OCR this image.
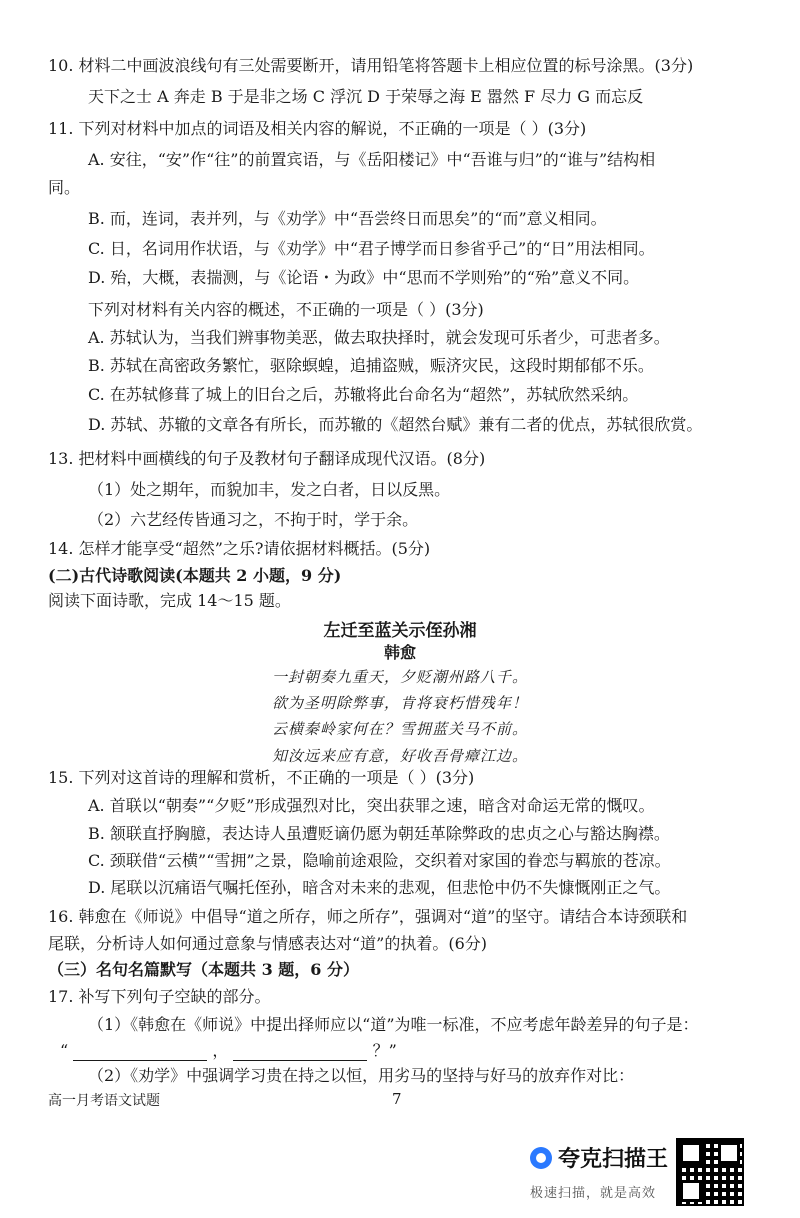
10. 材料二中画波浪线句有三处需要断开，请用铅笔将答题卡上相应位置的标号涂黑。(3分)
天下之士 A 奔走 B 于是非之场 C 浮沉 D 于荣辱之海 E 嚣然 F 尽力 G 而忘反
11. 下列对材料中加点的词语及相关内容的解说，不正确的一项是（ ）(3分)
A. 安往，“安”作“往”的前置宾语，与《岳阳楼记》中“吾谁与归”的“谁与”结构相
同。
B. 而，连词，表并列，与《劝学》中“吾尝终日而思矣”的“而”意义相同。
C. 日，名词用作状语，与《劝学》中“君子博学而日参省乎己”的“日”用法相同。
D. 殆，大概，表揣测，与《论语・为政》中“思而不学则殆”的“殆”意义不同。
下列对材料有关内容的概述，不正确的一项是（ ）(3分)
A. 苏轼认为，当我们辨事物美恶，做去取抉择时，就会发现可乐者少，可悲者多。
B. 苏轼在高密政务繁忙，驱除螟蝗，追捕盗贼，赈济灾民，这段时期郁郁不乐。
C. 在苏轼修葺了城上的旧台之后，苏辙将此台命名为“超然”，苏轼欣然采纳。
D. 苏轼、苏辙的文章各有所长，而苏辙的《超然台赋》兼有二者的优点，苏轼很欣赏。
13. 把材料中画横线的句子及教材句子翻译成现代汉语。(8分)
（1）处之期年，而貌加丰，发之白者，日以反黑。
（2）六艺经传皆通习之，不拘于时，学于余。
14. 怎样才能享受“超然”之乐?请依据材料概括。(5分)
(二)古代诗歌阅读(本题共 2 小题，9 分)
阅读下面诗歌，完成 14～15 题。
左迁至蓝关示侄孙湘
韩愈
一封朝奏九重天，夕贬潮州路八千。
欲为圣明除弊事，肯将衰朽惜残年！
云横秦岭家何在？雪拥蓝关马不前。
知汝远来应有意，好收吾骨瘴江边。
15. 下列对这首诗的理解和赏析，不正确的一项是（ ）(3分)
A. 首联以“朝奏”“夕贬”形成强烈对比，突出获罪之速，暗含对命运无常的慨叹。
B. 颔联直抒胸臆，表达诗人虽遭贬谪仍愿为朝廷革除弊政的忠贞之心与豁达胸襟。
C. 颈联借“云横”“雪拥”之景，隐喻前途艰险，交织着对家国的眷恋与羁旅的苍凉。
D. 尾联以沉痛语气嘱托侄孙，暗含对未来的悲观，但悲怆中仍不失慷慨刚正之气。
16. 韩愈在《师说》中倡导“道之所存，师之所存”，强调对“道”的坚守。请结合本诗颈联和
尾联，分析诗人如何通过意象与情感表达对“道”的执着。(6分)
（三）名句名篇默写（本题共 3 题，6 分）
17. 补写下列句子空缺的部分。
（1）《韩愈在《师说》中提出择师应以“道”为唯一标准，不应考虑年龄差异的句子是：
“	，	？”
（2）《劝学》中强调学习贵在持之以恒，用劣马的坚持与好马的放弃作对比：
高一月考语文试题	7
夸克扫描王
极速扫描，就是高效
